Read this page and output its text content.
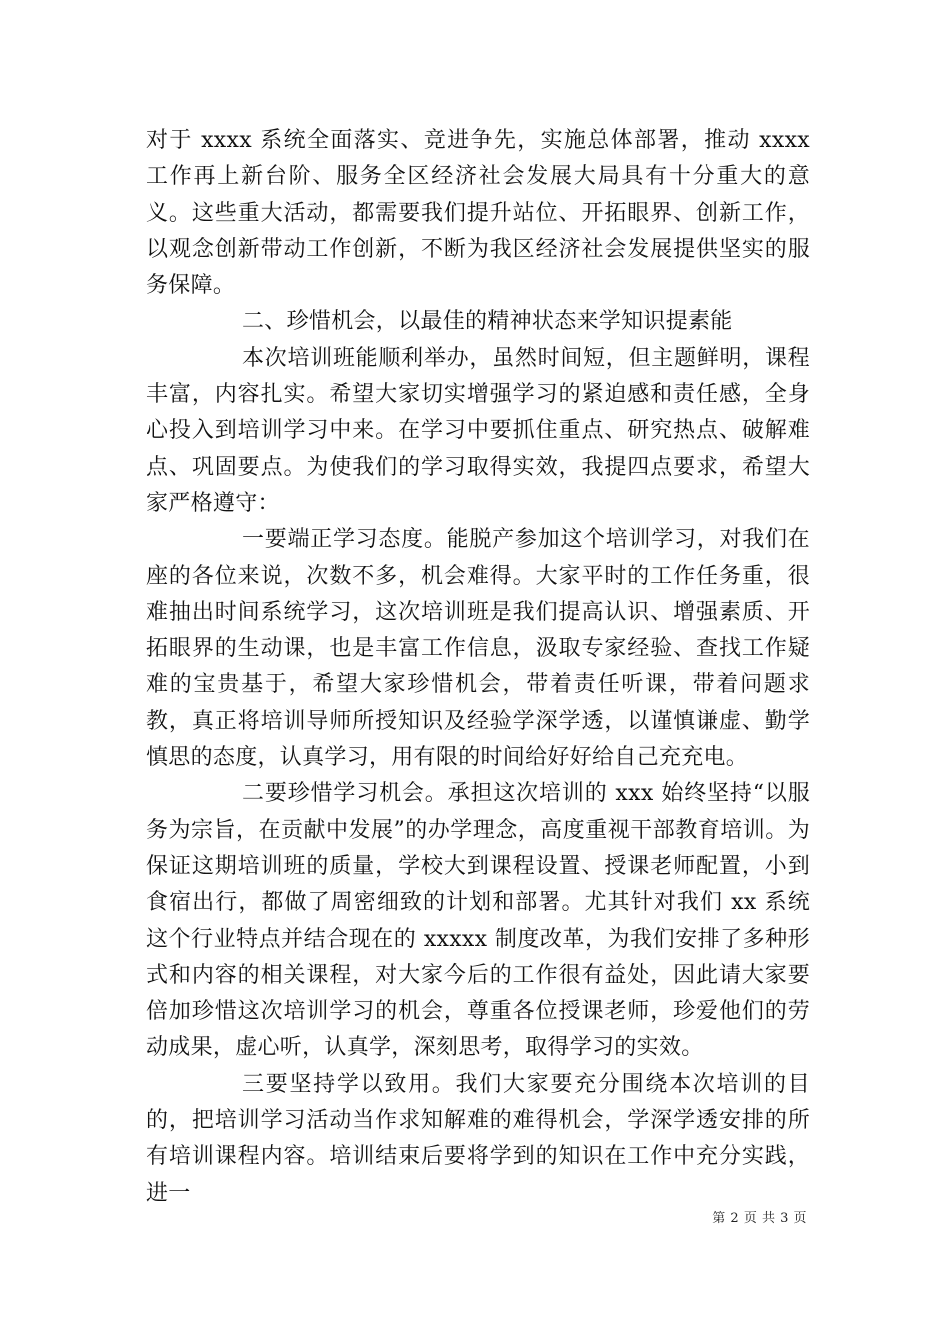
对于 xxxx 系统全面落实、竞进争先，实施总体部署，推动 xxxx 工作再上新台阶、服务全区经济社会发展大局具有十分重大的意义。这些重大活动，都需要我们提升站位、开拓眼界、创新工作，以观念创新带动工作创新，不断为我区经济社会发展提供坚实的服务保障。

二、珍惜机会，以最佳的精神状态来学知识提素能

本次培训班能顺利举办，虽然时间短，但主题鲜明，课程丰富，内容扎实。希望大家切实增强学习的紧迫感和责任感，全身心投入到培训学习中来。在学习中要抓住重点、研究热点、破解难点、巩固要点。为使我们的学习取得实效，我提四点要求，希望大家严格遵守：

一要端正学习态度。能脱产参加这个培训学习，对我们在座的各位来说，次数不多，机会难得。大家平时的工作任务重，很难抽出时间系统学习，这次培训班是我们提高认识、增强素质、开拓眼界的生动课，也是丰富工作信息，汲取专家经验、查找工作疑难的宝贵基于，希望大家珍惜机会，带着责任听课，带着问题求教，真正将培训导师所授知识及经验学深学透，以谨慎谦虚、勤学慎思的态度，认真学习，用有限的时间给好好给自己充充电。

二要珍惜学习机会。承担这次培训的 xxx 始终坚持“以服务为宗旨，在贡献中发展”的办学理念，高度重视干部教育培训。为保证这期培训班的质量，学校大到课程设置、授课老师配置，小到食宿出行，都做了周密细致的计划和部署。尤其针对我们 xx 系统这个行业特点并结合现在的 xxxxx 制度改革，为我们安排了多种形式和内容的相关课程，对大家今后的工作很有益处，因此请大家要倍加珍惜这次培训学习的机会，尊重各位授课老师，珍爱他们的劳动成果，虚心听，认真学，深刻思考，取得学习的实效。

三要坚持学以致用。我们大家要充分围绕本次培训的目的，把培训学习活动当作求知解难的难得机会，学深学透安排的所有培训课程内容。培训结束后要将学到的知识在工作中充分实践，进一

第 2 页 共 3 页
